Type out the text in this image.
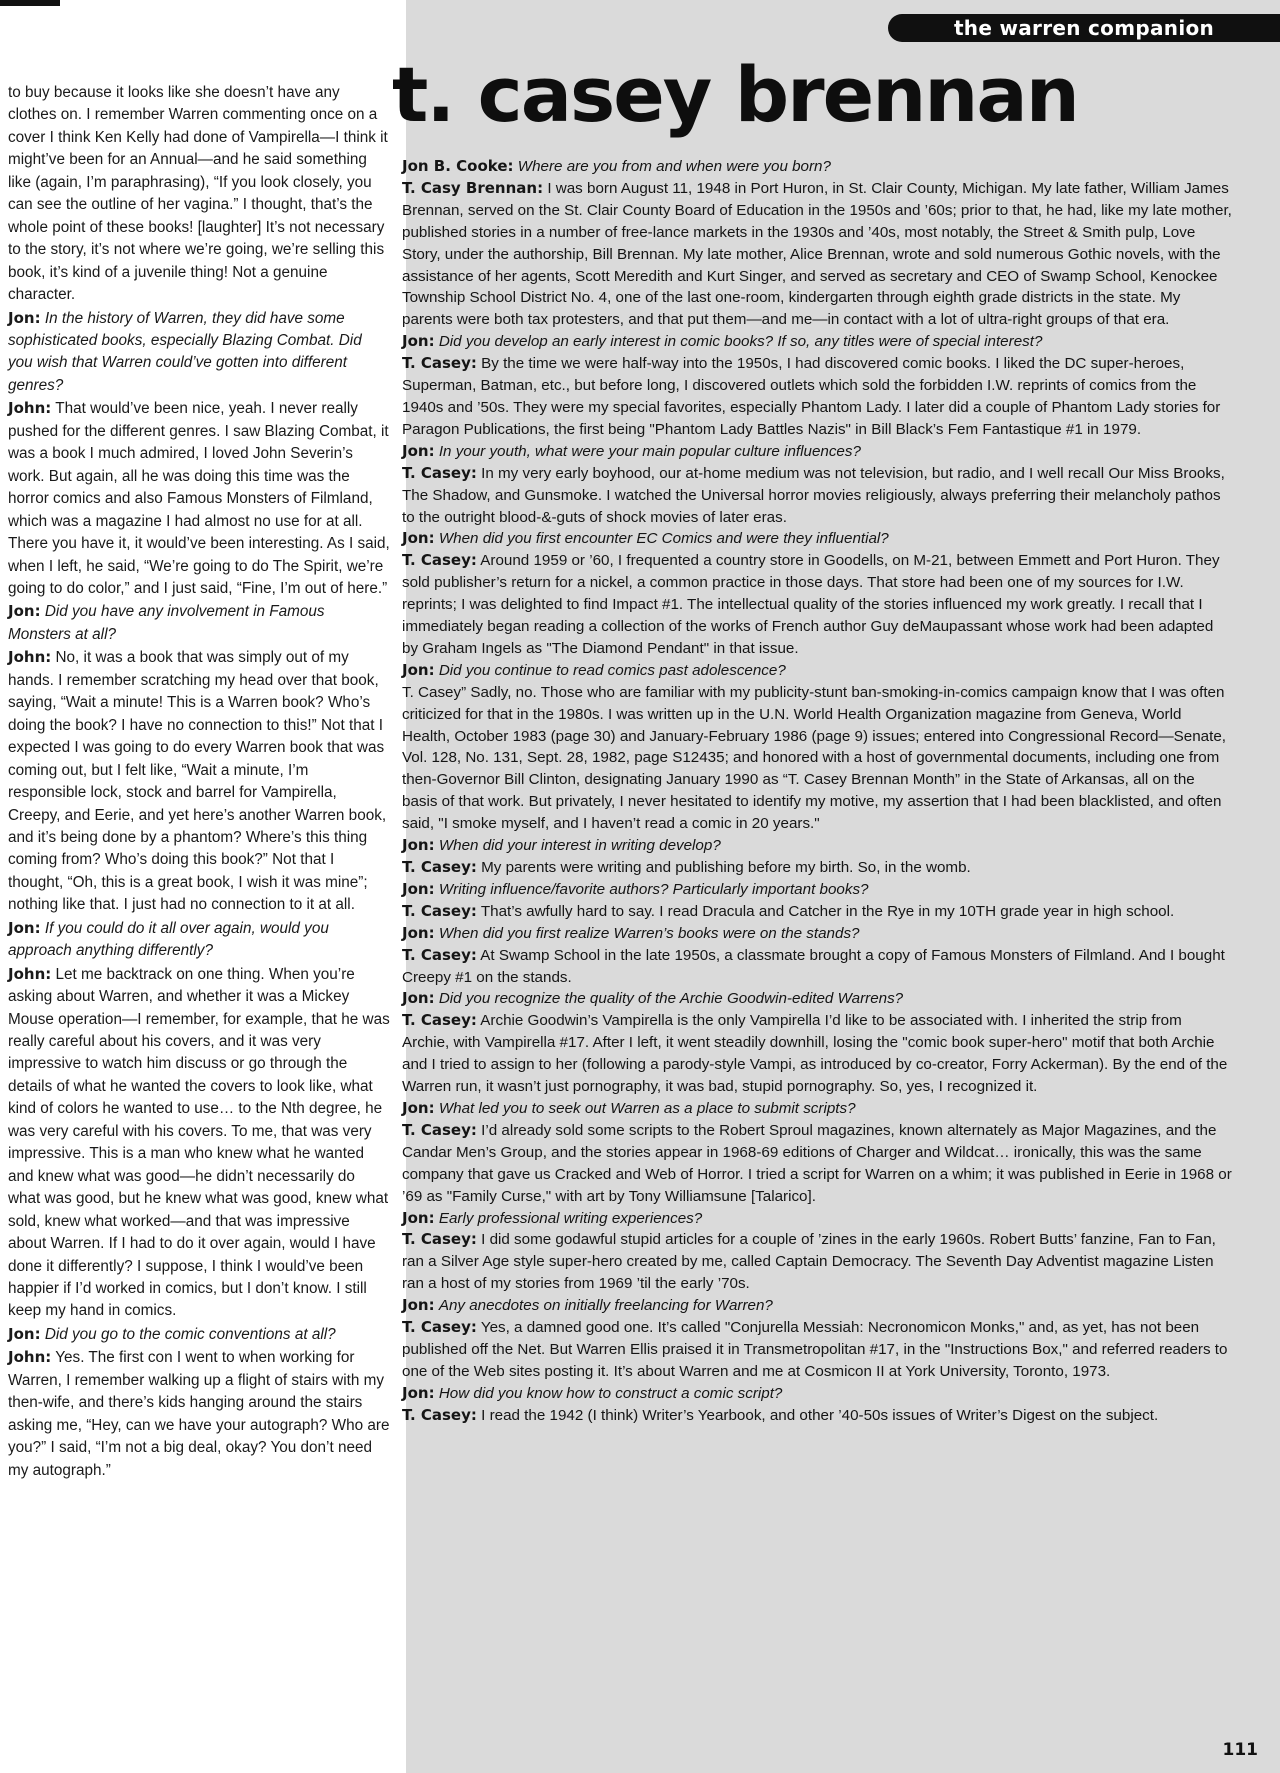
to buy because it looks like she doesn’t have any clothes on. I remember Warren commenting once on a cover I think Ken Kelly had done of Vampirella—I think it might’ve been for an Annual—and he said something like (again, I’m paraphrasing), “If you look closely, you can see the outline of her vagina.” I thought, that’s the whole point of these books! [laughter] It’s not necessary to the story, it’s not where we’re going, we’re selling this book, it’s kind of a juvenile thing! Not a genuine character.

Jon: In the history of Warren, they did have some sophisticated books, especially Blazing Combat. Did you wish that Warren could’ve gotten into different genres?

John: That would’ve been nice, yeah. I never really pushed for the different genres. I saw Blazing Combat, it was a book I much admired, I loved John Severin’s work. But again, all he was doing this time was the horror comics and also Famous Monsters of Filmland, which was a magazine I had almost no use for at all. There you have it, it would’ve been interesting. As I said, when I left, he said, “We’re going to do The Spirit, we’re going to do color,” and I just said, “Fine, I’m out of here.”

Jon: Did you have any involvement in Famous Monsters at all?

John: No, it was a book that was simply out of my hands. I remember scratching my head over that book, saying, “Wait a minute! This is a Warren book? Who’s doing the book? I have no connection to this!” Not that I expected I was going to do every Warren book that was coming out, but I felt like, “Wait a minute, I’m responsible lock, stock and barrel for Vampirella, Creepy, and Eerie, and yet here’s another Warren book, and it’s being done by a phantom? Where’s this thing coming from? Who’s doing this book?” Not that I thought, “Oh, this is a great book, I wish it was mine”; nothing like that. I just had no connection to it at all.

Jon: If you could do it all over again, would you approach anything differently?

John: Let me backtrack on one thing. When you’re asking about Warren, and whether it was a Mickey Mouse operation—I remember, for example, that he was really careful about his covers, and it was very impressive to watch him discuss or go through the details of what he wanted the covers to look like, what kind of colors he wanted to use… to the Nth degree, he was very careful with his covers. To me, that was very impressive. This is a man who knew what he wanted and knew what was good—he didn’t necessarily do what was good, but he knew what was good, knew what sold, knew what worked—and that was impressive about Warren. If I had to do it over again, would I have done it differently? I suppose, I think I would’ve been happier if I’d worked in comics, but I don’t know. I still keep my hand in comics.

Jon: Did you go to the comic conventions at all?

John: Yes. The first con I went to when working for Warren, I remember walking up a flight of stairs with my then-wife, and there’s kids hanging around the stairs asking me, “Hey, can we have your autograph? Who are you?” I said, “I’m not a big deal, okay? You don’t need my autograph.”

the warren companion
t. casey brennan

Jon B. Cooke: Where are you from and when were you born?

T. Casy Brennan: I was born August 11, 1948 in Port Huron, in St. Clair County, Michigan. My late father, William James Brennan, served on the St. Clair County Board of Education in the 1950s and ’60s; prior to that, he had, like my late mother, published stories in a number of free-lance markets in the 1930s and ’40s, most notably, the Street & Smith pulp, Love Story, under the authorship, Bill Brennan. My late mother, Alice Brennan, wrote and sold numerous Gothic novels, with the assistance of her agents, Scott Meredith and Kurt Singer, and served as secretary and CEO of Swamp School, Kenockee Township School District No. 4, one of the last one-room, kindergarten through eighth grade districts in the state. My parents were both tax protesters, and that put them—and me—in contact with a lot of ultra-right groups of that era.

Jon: Did you develop an early interest in comic books? If so, any titles were of special interest?

T. Casey: By the time we were half-way into the 1950s, I had discovered comic books. I liked the DC super-heroes, Superman, Batman, etc., but before long, I discovered outlets which sold the forbidden I.W. reprints of comics from the 1940s and ’50s. They were my special favorites, especially Phantom Lady. I later did a couple of Phantom Lady stories for Paragon Publications, the first being "Phantom Lady Battles Nazis" in Bill Black’s Fem Fantastique #1 in 1979.

Jon: In your youth, what were your main popular culture influences?

T. Casey: In my very early boyhood, our at-home medium was not television, but radio, and I well recall Our Miss Brooks, The Shadow, and Gunsmoke. I watched the Universal horror movies religiously, always preferring their melancholy pathos to the outright blood-&-guts of shock movies of later eras.

Jon: When did you first encounter EC Comics and were they influential?

T. Casey: Around 1959 or ’60, I frequented a country store in Goodells, on M-21, between Emmett and Port Huron. They sold publisher’s return for a nickel, a common practice in those days. That store had been one of my sources for I.W. reprints; I was delighted to find Impact #1. The intellectual quality of the stories influenced my work greatly. I recall that I immediately began reading a collection of the works of French author Guy deMaupassant whose work had been adapted by Graham Ingels as "The Diamond Pendant" in that issue.

Jon: Did you continue to read comics past adolescence?

T. Casey” Sadly, no. Those who are familiar with my publicity-stunt ban-smoking-in-comics campaign know that I was often criticized for that in the 1980s. I was written up in the U.N. World Health Organization magazine from Geneva, World Health, October 1983 (page 30) and January-February 1986 (page 9) issues; entered into Congressional Record—Senate, Vol. 128, No. 131, Sept. 28, 1982, page S12435; and honored with a host of governmental documents, including one from then-Governor Bill Clinton, designating January 1990 as “T. Casey Brennan Month” in the State of Arkansas, all on the basis of that work. But privately, I never hesitated to identify my motive, my assertion that I had been blacklisted, and often said, "I smoke myself, and I haven’t read a comic in 20 years."

Jon: When did your interest in writing develop?

T. Casey: My parents were writing and publishing before my birth. So, in the womb.

Jon: Writing influence/favorite authors? Particularly important books?

T. Casey: That’s awfully hard to say. I read Dracula and Catcher in the Rye in my 10TH grade year in high school.

Jon: When did you first realize Warren’s books were on the stands?

T. Casey: At Swamp School in the late 1950s, a classmate brought a copy of Famous Monsters of Filmland. And I bought Creepy #1 on the stands.

Jon: Did you recognize the quality of the Archie Goodwin-edited Warrens?

T. Casey: Archie Goodwin’s Vampirella is the only Vampirella I’d like to be associated with. I inherited the strip from Archie, with Vampirella #17. After I left, it went steadily downhill, losing the "comic book super-hero" motif that both Archie and I tried to assign to her (following a parody-style Vampi, as introduced by co-creator, Forry Ackerman). By the end of the Warren run, it wasn’t just pornography, it was bad, stupid pornography. So, yes, I recognized it.

Jon: What led you to seek out Warren as a place to submit scripts?

T. Casey: I’d already sold some scripts to the Robert Sproul magazines, known alternately as Major Magazines, and the Candar Men’s Group, and the stories appear in 1968-69 editions of Charger and Wildcat… ironically, this was the same company that gave us Cracked and Web of Horror. I tried a script for Warren on a whim; it was published in Eerie in 1968 or ’69 as "Family Curse," with art by Tony Williamsune [Talarico].

Jon: Early professional writing experiences?

T. Casey: I did some godawful stupid articles for a couple of ’zines in the early 1960s. Robert Butts’ fanzine, Fan to Fan, ran a Silver Age style super-hero created by me, called Captain Democracy. The Seventh Day Adventist magazine Listen ran a host of my stories from 1969 ’til the early ’70s.

Jon: Any anecdotes on initially freelancing for Warren?

T. Casey: Yes, a damned good one. It’s called "Conjurella Messiah: Necronomicon Monks," and, as yet, has not been published off the Net. But Warren Ellis praised it in Transmetropolitan #17, in the "Instructions Box," and referred readers to one of the Web sites posting it. It’s about Warren and me at Cosmicon II at York University, Toronto, 1973.

Jon: How did you know how to construct a comic script?

T. Casey: I read the 1942 (I think) Writer’s Yearbook, and other ’40-50s issues of Writer’s Digest on the subject.

111
